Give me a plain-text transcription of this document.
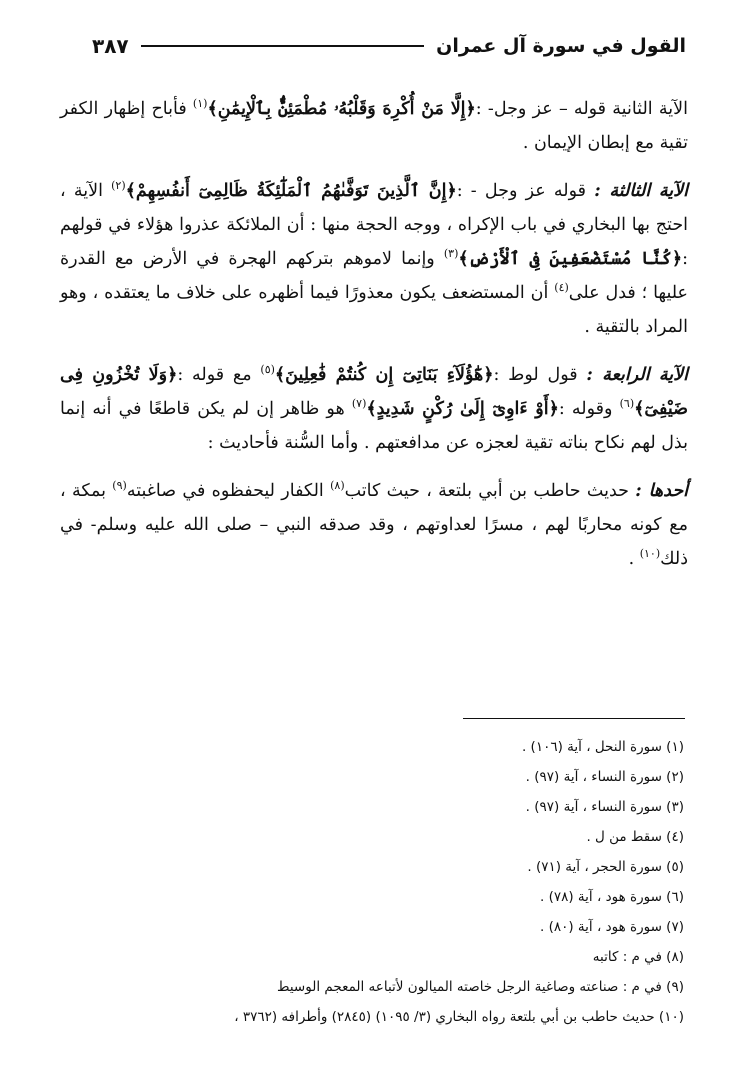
القول في سورة آل عمران
٣٨٧

الآية الثانية قوله – عز وجل- :﴿إِلَّا مَنْ أُكْرِهَ وَقَلْبُهُۥ مُطْمَئِنٌّۢ بِٱلْإِيمَٰنِ﴾$^{(١)}$ فأباح إظهار الكفر تقية مع إبطان الإيمان .

الآية الثالثة : قوله عز وجل - :﴿إِنَّ ٱلَّذِينَ تَوَفَّىٰهُمُ ٱلْمَلَٰٓئِكَةُ ظَالِمِىٓ أَنفُسِهِمْ﴾$^{(٢)}$ الآية ، احتج بها البخاري في باب الإكراه ، ووجه الحجة منها : أن الملائكة عذروا هؤلاء في قولهم :﴿كُنَّا مُسْتَضْعَفِينَ فِى ٱلْأَرْضِ﴾$^{(٣)}$ وإنما لاموهم بتركهم الهجرة في الأرض مع القدرة عليها ؛ فدل على$^{(٤)}$ أن المستضعف يكون معذورًا فيما أظهره على خلاف ما يعتقده ، وهو المراد بالتقية .

الآية الرابعة : قول لوط :﴿هَٰٓؤُلَآءِ بَنَاتِىٓ إِن كُنتُمْ فَٰعِلِينَ﴾$^{(٥)}$ مع قوله :﴿وَلَا تُخْزُونِ فِى ضَيْفِىٓ﴾$^{(٦)}$ وقوله :﴿أَوْ ءَاوِىٓ إِلَىٰ رُكْنٍ شَدِيدٍ﴾$^{(٧)}$ هو ظاهر إن لم يكن قاطعًا في أنه إنما بذل لهم نكاح بناته تقية لعجزه عن مدافعتهم . وأما السُّنة فأحاديث :

أحدها : حديث حاطب بن أبي بلتعة ، حيث كاتب$^{(٨)}$ الكفار ليحفظوه في صاغبته$^{(٩)}$ بمكة ، مع كونه محاربًا لهم ، مسرًا لعداوتهم ، وقد صدقه النبي – صلى الله عليه وسلم- في ذلك$^{(١٠)}$ .

(١) سورة النحل ، آية (١٠٦) .
(٢) سورة النساء ، آية (٩٧) .
(٣) سورة النساء ، آية (٩٧) .
(٤) سقط من ل .
(٥) سورة الحجر ، آية (٧١) .
(٦) سورة هود ، آية (٧٨) .
(٧) سورة هود ، آية (٨٠) .
(٨) في م : كاتبه
(٩) في م : صناعته وصاغية الرجل خاصته الميالون لأتباعه المعجم الوسيط
(١٠) حديث حاطب بن أبي بلتعة رواه البخاري (٣/ ١٠٩٥) (٢٨٤٥) وأطرافه (٣٧٦٢ ،
